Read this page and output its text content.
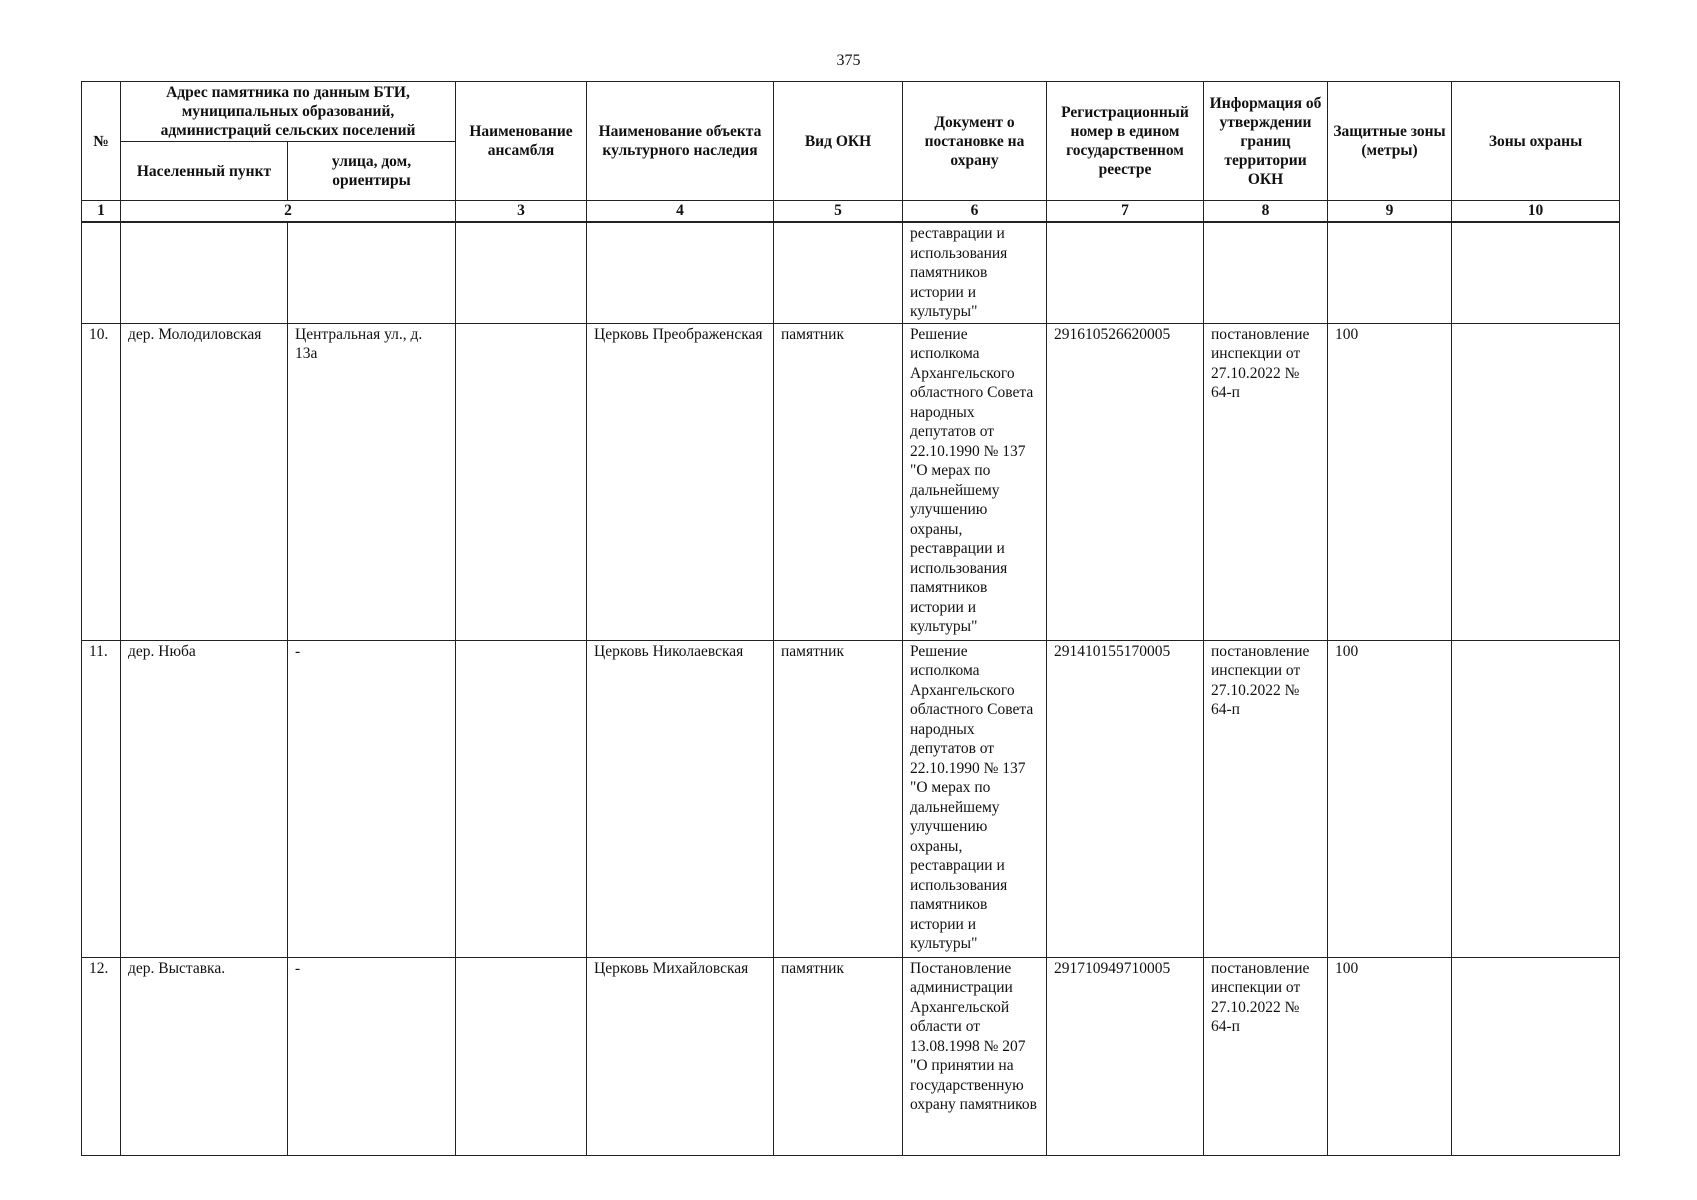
375
№	Адрес памятника по данным БТИ, муниципальных образований, администраций сельских поселений		Наименование ансамбля	Наименование объекта культурного наследия	Вид ОКН	Документ о постановке на охрану	Регистрационный номер в едином государственном реестре	Информация об утверждении границ территории ОКН	Защитные зоны (метры)	Зоны охраны
	Населенный пункт	улица, дом, ориентиры								
1	2		3	4	5	6	7	8	9	10
						реставрации и использования памятников истории и культуры"				
10.	дер. Молодиловская	Центральная ул., д. 13а		Церковь Преображенская	памятник	Решение исполкома Архангельского областного Совета народных депутатов от 22.10.1990 № 137 "О мерах по дальнейшему улучшению охраны, реставрации и использования памятников истории и культуры"	291610526620005	постановление инспекции от 27.10.2022 № 64-п	100	
11.	дер. Нюба	-		Церковь Николаевская	памятник	Решение исполкома Архангельского областного Совета народных депутатов от 22.10.1990 № 137 "О мерах по дальнейшему улучшению охраны, реставрации и использования памятников истории и культуры"	291410155170005	постановление инспекции от 27.10.2022 № 64-п	100	
12.	дер. Выставка.	-		Церковь Михайловская	памятник	Постановление администрации Архангельской области от 13.08.1998 № 207 "О принятии на государственную охрану памятников	291710949710005	постановление инспекции от 27.10.2022 № 64-п	100	
